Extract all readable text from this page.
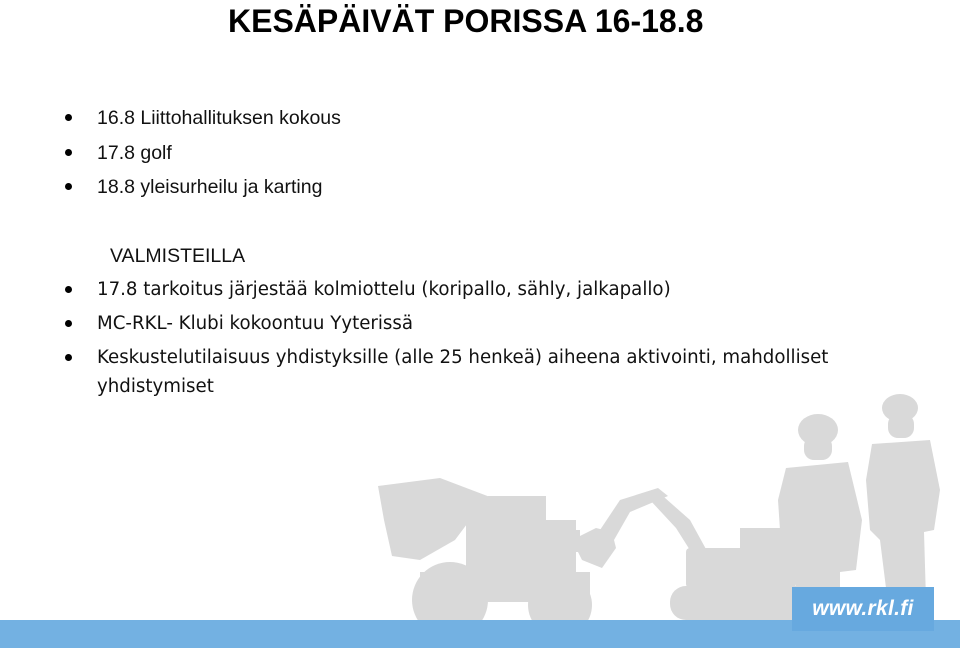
KESÄPÄIVÄT PORISSA 16-18.8
16.8 Liittohallituksen kokous
17.8 golf
18.8 yleisurheilu ja karting

VALMISTEILLA

17.8 tarkoitus järjestää kolmiottelu (koripallo, sähly, jalkapallo)
MC-RKL- Klubi kokoontuu Yyterissä
Keskustelutilaisuus yhdistyksille (alle 25 henkeä) aiheena aktivointi, mahdolliset
yhdistymiset
www.rkl.fi
